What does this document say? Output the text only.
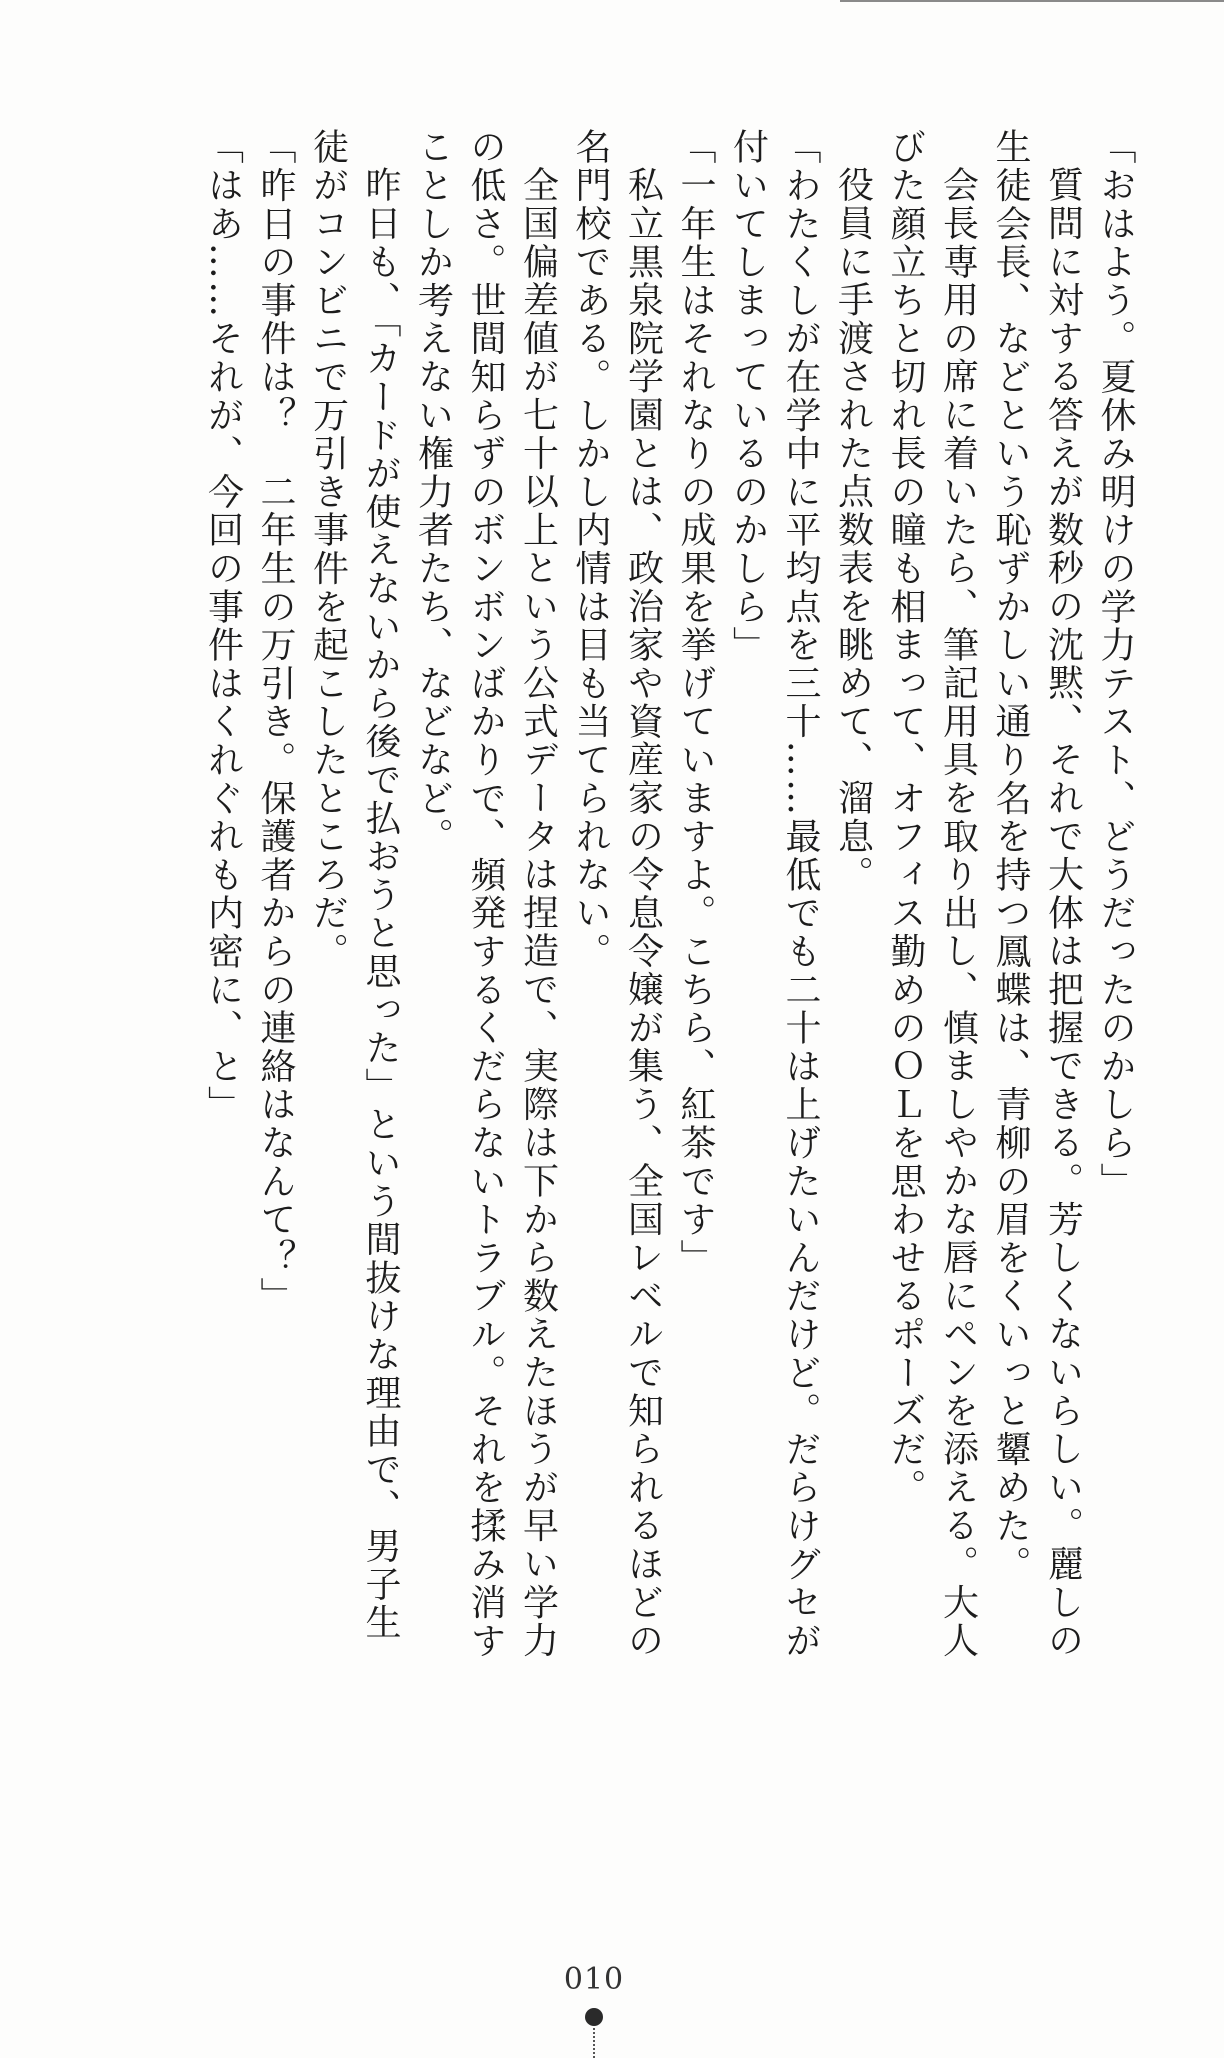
「おはよう。夏休み明けの学力テスト、どうだったのかしら」
質問に対する答えが数秒の沈黙、それで大体は把握できる。芳しくないらしい。麗しの
生徒会長、などという恥ずかしい通り名を持つ鳳蝶は、青柳の眉をくいっと顰めた。
会長専用の席に着いたら、筆記用具を取り出し、慎ましやかな唇にペンを添える。大人
びた顔立ちと切れ長の瞳も相まって、オフィス勤めのＯＬを思わせるポーズだ。
役員に手渡された点数表を眺めて、溜息。
「わたくしが在学中に平均点を三十……最低でも二十は上げたいんだけど。だらけグセが
付いてしまっているのかしら」
「一年生はそれなりの成果を挙げていますよ。こちら、紅茶です」
私立黒泉院学園とは、政治家や資産家の令息令嬢が集う、全国レベルで知られるほどの
名門校である。しかし内情は目も当てられない。
全国偏差値が七十以上という公式データは捏造で、実際は下から数えたほうが早い学力
の低さ。世間知らずのボンボンばかりで、頻発するくだらないトラブル。それを揉み消す
ことしか考えない権力者たち、などなど。
昨日も、「カードが使えないから後で払おうと思った」という間抜けな理由で、男子生
徒がコンビニで万引き事件を起こしたところだ。
「昨日の事件は？　二年生の万引き。保護者からの連絡はなんて？」
「はあ……それが、今回の事件はくれぐれも内密に、と」
010
